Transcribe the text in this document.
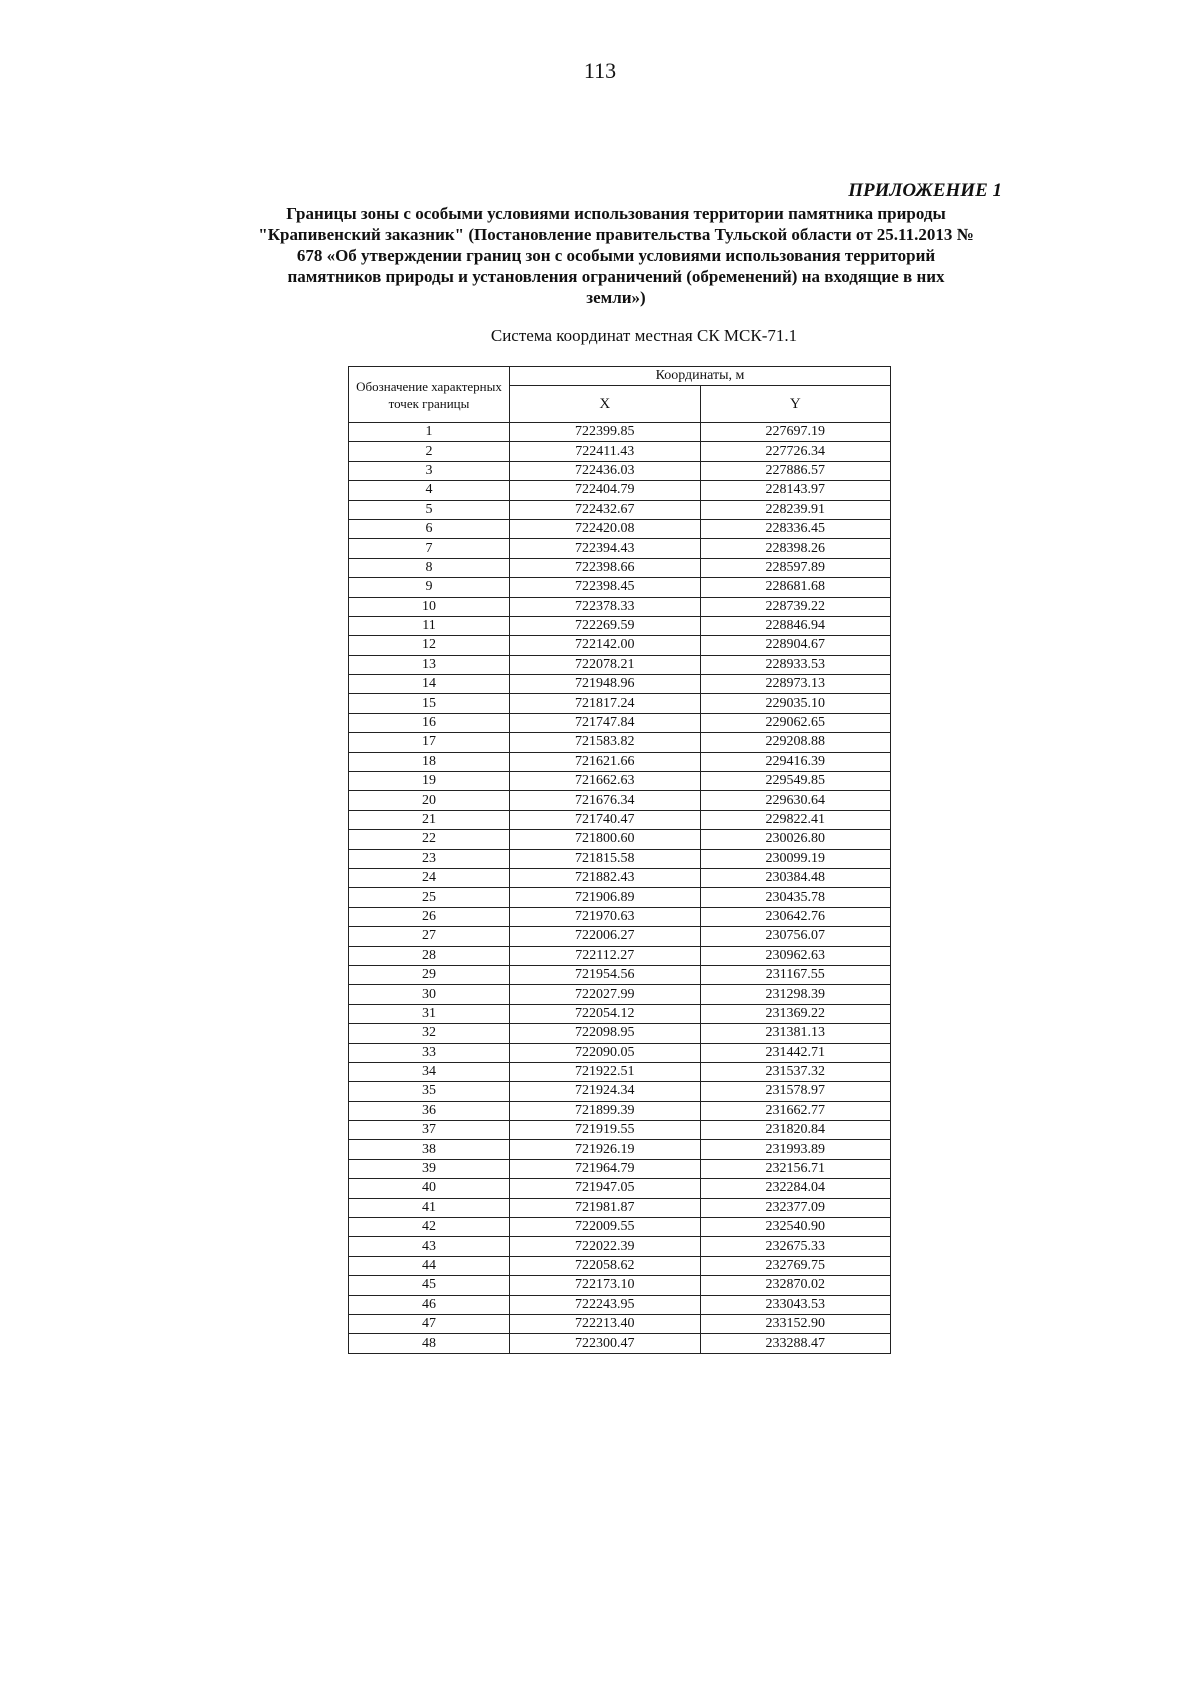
113
ПРИЛОЖЕНИЕ 1
Границы зоны с особыми условиями использования территории памятника природы
"Крапивенский заказник" (Постановление правительства Тульской области от 25.11.2013 №
678 «Об утверждении границ зон с особыми условиями использования территорий
памятников природы и установления ограничений (обременений) на входящие в них
земли»)
Система координат местная СК МСК-71.1
Обозначение характерных точек границы	Координаты, м	
	X	Y
1	722399.85	227697.19
2	722411.43	227726.34
3	722436.03	227886.57
4	722404.79	228143.97
5	722432.67	228239.91
6	722420.08	228336.45
7	722394.43	228398.26
8	722398.66	228597.89
9	722398.45	228681.68
10	722378.33	228739.22
11	722269.59	228846.94
12	722142.00	228904.67
13	722078.21	228933.53
14	721948.96	228973.13
15	721817.24	229035.10
16	721747.84	229062.65
17	721583.82	229208.88
18	721621.66	229416.39
19	721662.63	229549.85
20	721676.34	229630.64
21	721740.47	229822.41
22	721800.60	230026.80
23	721815.58	230099.19
24	721882.43	230384.48
25	721906.89	230435.78
26	721970.63	230642.76
27	722006.27	230756.07
28	722112.27	230962.63
29	721954.56	231167.55
30	722027.99	231298.39
31	722054.12	231369.22
32	722098.95	231381.13
33	722090.05	231442.71
34	721922.51	231537.32
35	721924.34	231578.97
36	721899.39	231662.77
37	721919.55	231820.84
38	721926.19	231993.89
39	721964.79	232156.71
40	721947.05	232284.04
41	721981.87	232377.09
42	722009.55	232540.90
43	722022.39	232675.33
44	722058.62	232769.75
45	722173.10	232870.02
46	722243.95	233043.53
47	722213.40	233152.90
48	722300.47	233288.47
